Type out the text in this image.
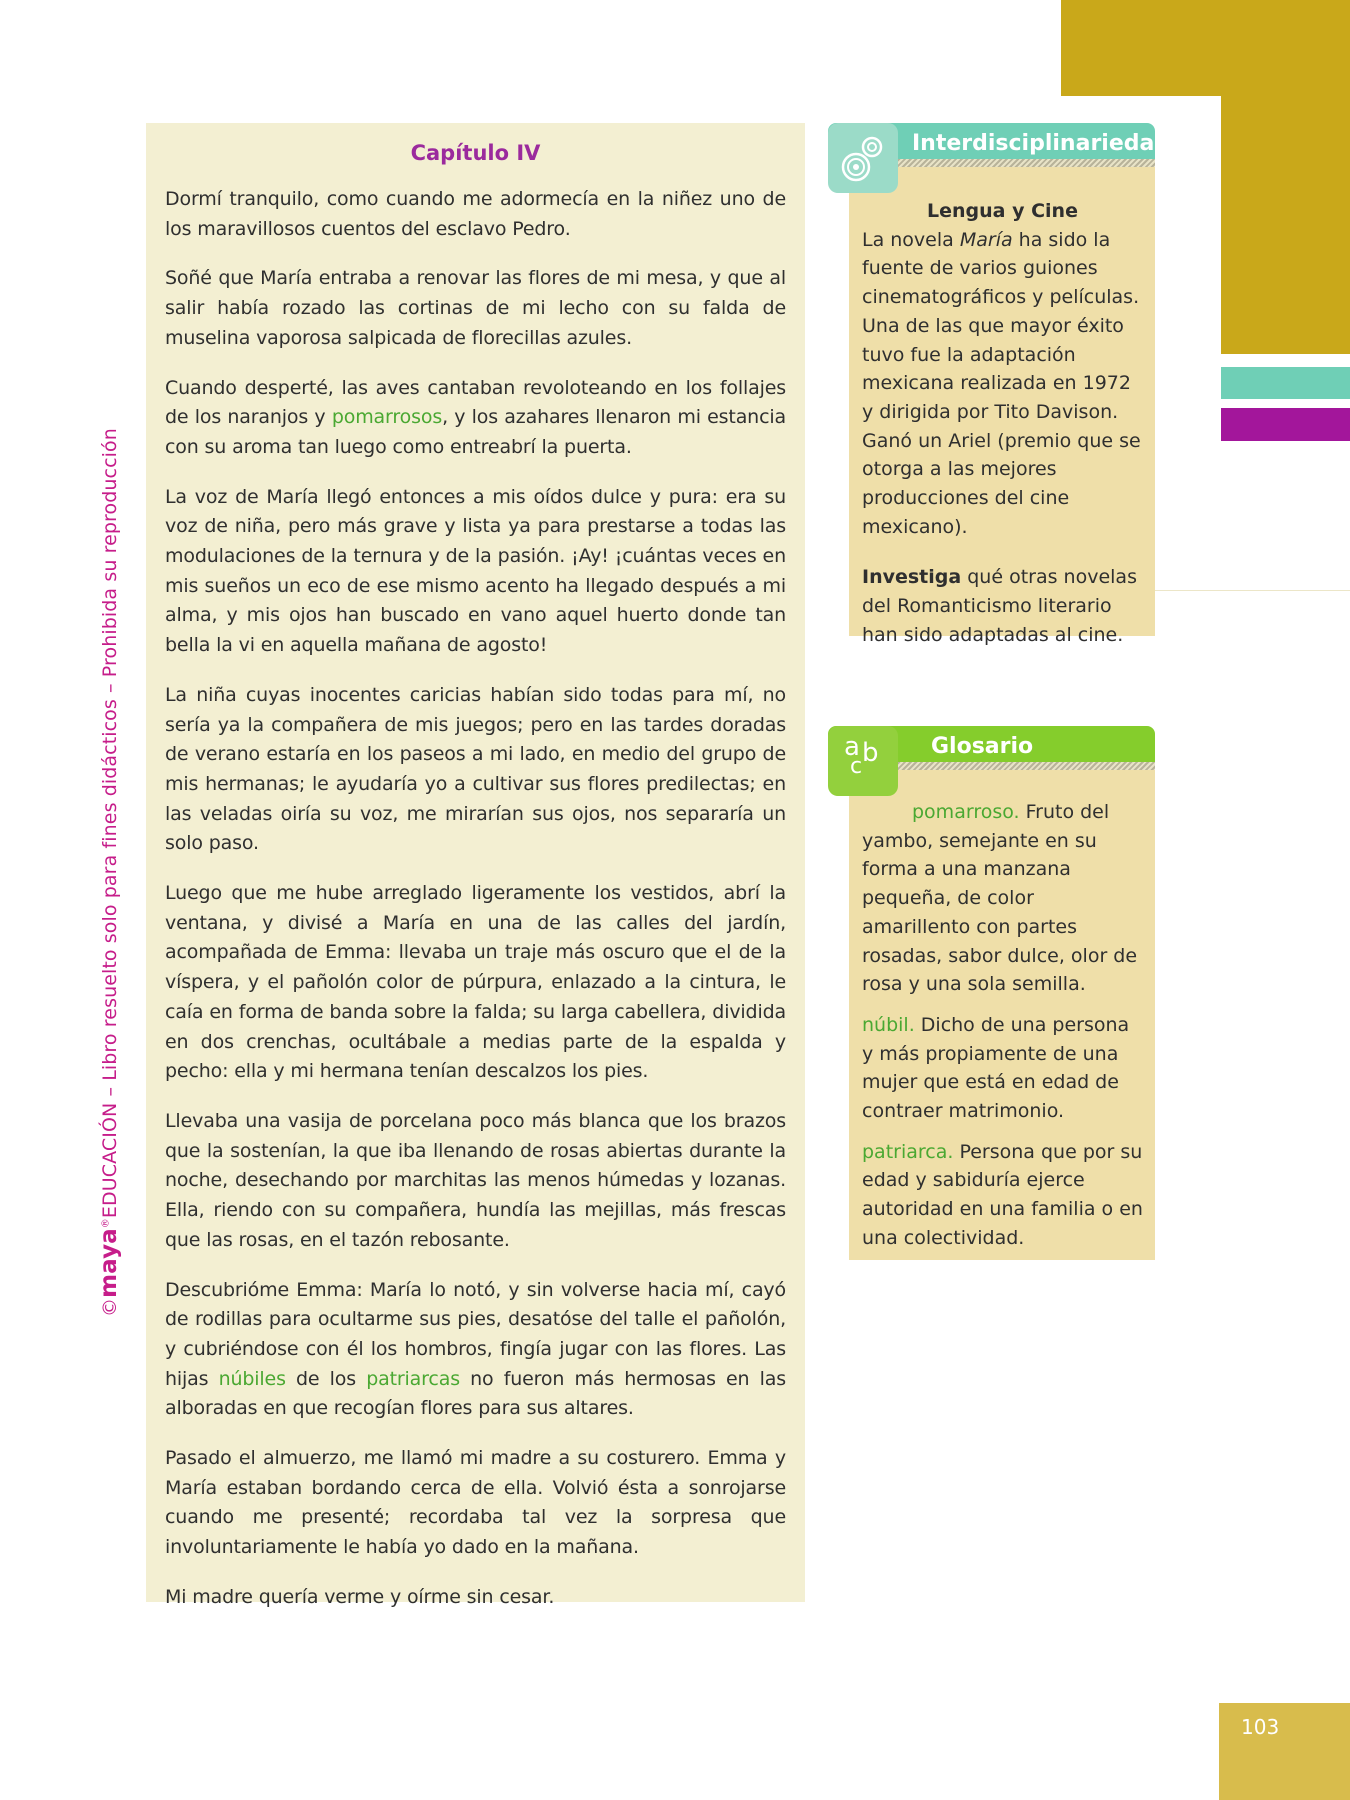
©maya®EDUCACIÓN – Libro resuelto solo para fines didácticos – Prohibida su reproducción
Capítulo IV

Dormí tranquilo, como cuando me adormecía en la niñez uno de los maravillosos cuentos del esclavo Pedro.

Soñé que María entraba a renovar las flores de mi mesa, y que al salir había rozado las cortinas de mi lecho con su falda de muselina vaporosa salpicada de florecillas azules.

Cuando desperté, las aves cantaban revoloteando en los follajes de los naranjos y pomarrosos, y los azahares llenaron mi estancia con su aroma tan luego como entreabrí la puerta.

La voz de María llegó entonces a mis oídos dulce y pura: era su voz de niña, pero más grave y lista ya para prestarse a todas las modulaciones de la ternura y de la pasión. ¡Ay! ¡cuántas veces en mis sueños un eco de ese mismo acento ha llegado después a mi alma, y mis ojos han buscado en vano aquel huerto donde tan bella la vi en aquella mañana de agosto!

La niña cuyas inocentes caricias habían sido todas para mí, no sería ya la compañera de mis juegos; pero en las tardes doradas de verano estaría en los paseos a mi lado, en medio del grupo de mis hermanas; le ayudaría yo a cultivar sus flores predilectas; en las veladas oiría su voz, me mirarían sus ojos, nos separaría un solo paso.

Luego que me hube arreglado ligeramente los vestidos, abrí la ventana, y divisé a María en una de las calles del jardín, acompañada de Emma: llevaba un traje más oscuro que el de la víspera, y el pañolón color de púrpura, enlazado a la cintura, le caía en forma de banda sobre la falda; su larga cabellera, dividida en dos crenchas, ocultábale a medias parte de la espalda y pecho: ella y mi hermana tenían descalzos los pies.

Llevaba una vasija de porcelana poco más blanca que los brazos que la sostenían, la que iba llenando de rosas abiertas durante la noche, desechando por marchitas las menos húmedas y lozanas. Ella, riendo con su compañera, hundía las mejillas, más frescas que las rosas, en el tazón rebosante.

Descubrióme Emma: María lo notó, y sin volverse hacia mí, cayó de rodillas para ocultarme sus pies, desatóse del talle el pañolón, y cubriéndose con él los hombros, fingía jugar con las flores. Las hijas núbiles de los patriarcas no fueron más hermosas en las alboradas en que recogían flores para sus altares.

Pasado el almuerzo, me llamó mi madre a su costurero. Emma y María estaban bordando cerca de ella. Volvió ésta a sonrojarse cuando me presenté; recordaba tal vez la sorpresa que involuntariamente le había yo dado en la mañana.

Mi madre quería verme y oírme sin cesar.

Interdisciplinariedad

Lengua y Cine

La novela María ha sido la fuente de varios guiones cinematográficos y películas. Una de las que mayor éxito tuvo fue la adaptación mexicana realizada en 1972 y dirigida por Tito Davison. Ganó un Ariel (premio que se otorga a las mejores producciones del cine mexicano).

Investiga qué otras novelas del Romanticismo literario han sido adaptadas al cine.

a b
c
Glosario

pomarroso. Fruto del yambo, semejante en su forma a una manzana pequeña, de color amarillento con partes rosadas, sabor dulce, olor de rosa y una sola semilla.

núbil. Dicho de una persona y más propiamente de una mujer que está en edad de contraer matrimonio.

patriarca. Persona que por su edad y sabiduría ejerce autoridad en una familia o en una colectividad.

103
